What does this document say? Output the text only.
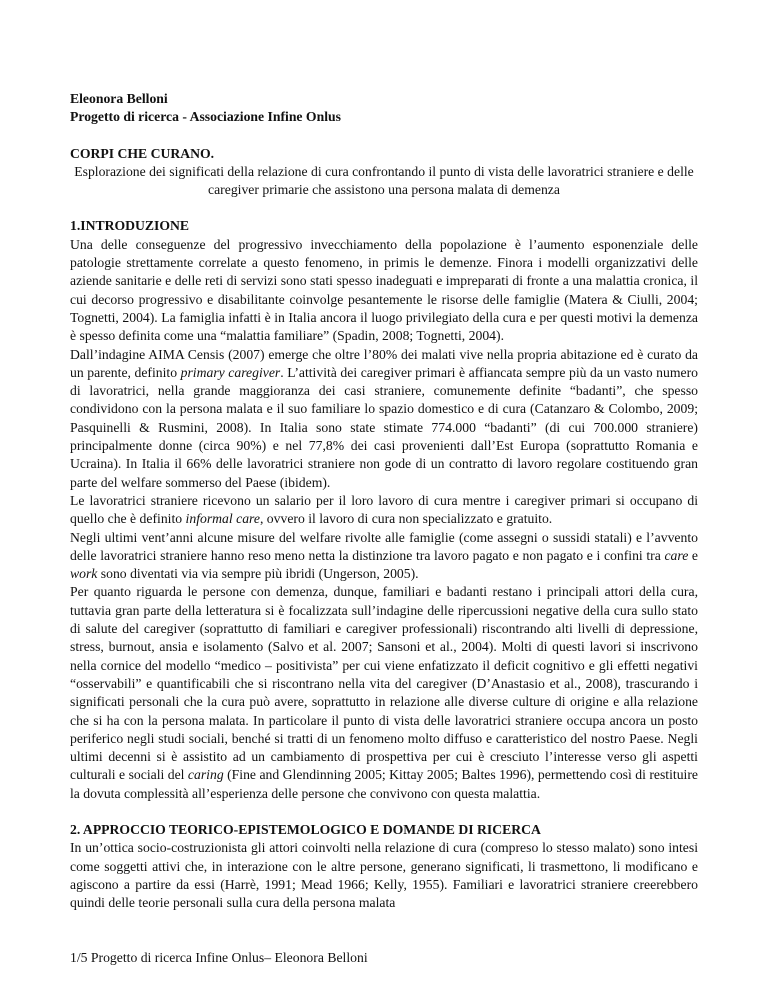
Eleonora Belloni

Progetto di ricerca - Associazione Infine Onlus

CORPI CHE CURANO.

Esplorazione dei significati della relazione di cura confrontando il punto di vista delle lavoratrici straniere e delle caregiver primarie che assistono una persona malata di demenza

1.INTRODUZIONE

Una delle conseguenze del progressivo invecchiamento della popolazione è l’aumento esponenziale delle patologie strettamente correlate a questo fenomeno, in primis le demenze. Finora i modelli organizzativi delle aziende sanitarie e delle reti di servizi sono stati spesso inadeguati e impreparati di fronte a una malattia cronica, il cui decorso progressivo e disabilitante coinvolge pesantemente le risorse delle famiglie (Matera & Ciulli, 2004; Tognetti, 2004). La famiglia infatti è in Italia ancora il luogo privilegiato della cura e per questi motivi la demenza è spesso definita come una “malattia familiare” (Spadin, 2008; Tognetti, 2004).

Dall’indagine AIMA Censis (2007) emerge che oltre l’80% dei malati vive nella propria abitazione ed è curato da un parente, definito primary caregiver. L’attività dei caregiver primari è affiancata sempre più da un vasto numero di lavoratrici, nella grande maggioranza dei casi straniere, comunemente definite “badanti”, che spesso condividono con la persona malata e il suo familiare lo spazio domestico e di cura (Catanzaro & Colombo, 2009; Pasquinelli & Rusmini, 2008). In Italia sono state stimate 774.000 “badanti” (di cui 700.000 straniere) principalmente donne (circa 90%) e nel 77,8% dei casi provenienti dall’Est Europa (soprattutto Romania e Ucraina). In Italia il 66% delle lavoratrici straniere non gode di un contratto di lavoro regolare costituendo gran parte del welfare sommerso del Paese (ibidem).

Le lavoratrici straniere ricevono un salario per il loro lavoro di cura mentre i caregiver primari si occupano di quello che è definito informal care, ovvero il lavoro di cura non specializzato e gratuito.

Negli ultimi vent’anni alcune misure del welfare rivolte alle famiglie (come assegni o sussidi statali) e l’avvento delle lavoratrici straniere hanno reso meno netta la distinzione tra lavoro pagato e non pagato e i confini tra care e work sono diventati via via sempre più ibridi (Ungerson, 2005).

Per quanto riguarda le persone con demenza, dunque, familiari e badanti restano i principali attori della cura, tuttavia gran parte della letteratura si è focalizzata sull’indagine delle ripercussioni negative della cura sullo stato di salute del caregiver (soprattutto di familiari e caregiver professionali) riscontrando alti livelli di depressione, stress, burnout, ansia e isolamento (Salvo et al. 2007; Sansoni et al., 2004). Molti di questi lavori si inscrivono nella cornice del modello “medico – positivista” per cui viene enfatizzato il deficit cognitivo e gli effetti negativi “osservabili” e quantificabili che si riscontrano nella vita del caregiver (D’Anastasio et al., 2008), trascurando i significati personali che la cura può avere, soprattutto in relazione alle diverse culture di origine e alla relazione che si ha con la persona malata. In particolare il punto di vista delle lavoratrici straniere occupa ancora un posto periferico negli studi sociali, benché si tratti di un fenomeno molto diffuso e caratteristico del nostro Paese. Negli ultimi decenni si è assistito ad un cambiamento di prospettiva per cui è cresciuto l’interesse verso gli aspetti culturali e sociali del caring (Fine and Glendinning 2005; Kittay 2005; Baltes 1996), permettendo così di restituire la dovuta complessità all’esperienza delle persone che convivono con questa malattia.

2. APPROCCIO TEORICO-EPISTEMOLOGICO E DOMANDE DI RICERCA

In un’ottica socio-costruzionista gli attori coinvolti nella relazione di cura (compreso lo stesso malato) sono intesi come soggetti attivi che, in interazione con le altre persone, generano significati, li trasmettono, li modificano e agiscono a partire da essi (Harrè, 1991; Mead 1966; Kelly, 1955). Familiari e lavoratrici straniere creerebbero quindi delle teorie personali sulla cura della persona malata

1/5 Progetto di ricerca Infine Onlus– Eleonora Belloni
